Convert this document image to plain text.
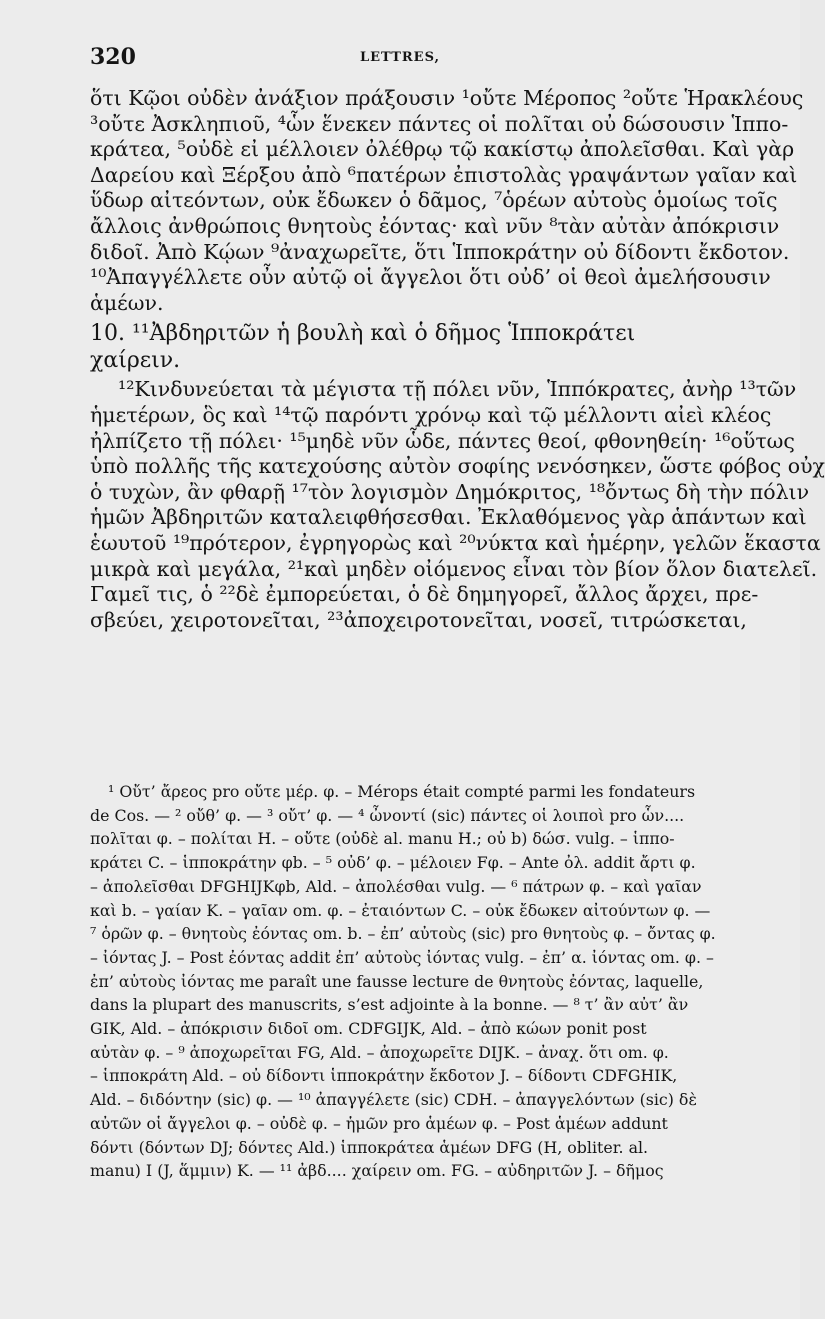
320	LETTRES,
ὅτι Κῷοι οὐδὲν ἀνάξιον πράξουσιν ¹οὔτε Μέροπος ²οὔτε Ἡρακλέους
³οὔτε Ἀσκληπιοῦ, ⁴ὧν ἕνεκεν πάντες οἱ πολῖται οὐ δώσουσιν Ἱππο-
κράτεα, ⁵οὐδὲ εἰ μέλλοιεν ὀλέθρῳ τῷ κακίστῳ ἀπολεῖσθαι. Καὶ γὰρ
Δαρείου καὶ Ξέρξου ἀπὸ ⁶πατέρων ἐπιστολὰς γραψάντων γαῖαν καὶ
ὕδωρ αἰτεόντων, οὐκ ἔδωκεν ὁ δᾶμος, ⁷ὁρέων αὐτοὺς ὁμοίως τοῖς
ἄλλοις ἀνθρώποις θνητοὺς ἐόντας· καὶ νῦν ⁸τὰν αὐτὰν ἀπόκρισιν
διδοῖ. Ἀπὸ Κῴων ⁹ἀναχωρεῖτε, ὅτι Ἱπποκράτην οὐ δίδοντι ἔκδοτον.
¹⁰Ἀπαγγέλλετε οὖν αὐτῷ οἱ ἄγγελοι ὅτι οὐδ’ οἱ θεοὶ ἀμελήσουσιν
ἁμέων.
10. ¹¹Ἀβδηριτῶν ἡ βουλὴ καὶ ὁ δῆμος Ἱπποκράτει
χαίρειν.
¹²Κινδυνεύεται τὰ μέγιστα τῇ πόλει νῦν, Ἱππόκρατες, ἀνὴρ ¹³τῶν
ἡμετέρων, ὃς καὶ ¹⁴τῷ παρόντι χρόνῳ καὶ τῷ μέλλοντι αἰεὶ κλέος
ἠλπίζετο τῇ πόλει· ¹⁵μηδὲ νῦν ὧδε, πάντες θεοί, φθονηθείη· ¹⁶οὕτως
ὑπὸ πολλῆς τῆς κατεχούσης αὐτὸν σοφίης νενόσηκεν, ὥστε φόβος οὐχ
ὁ τυχὼν, ἂν φθαρῇ ¹⁷τὸν λογισμὸν Δημόκριτος, ¹⁸ὄντως δὴ τὴν πόλιν
ἡμῶν Ἀβδηριτῶν καταλειφθήσεσθαι. Ἐκλαθόμενος γὰρ ἁπάντων καὶ
ἑωυτοῦ ¹⁹πρότερον, ἐγρηγορὼς καὶ ²⁰νύκτα καὶ ἡμέρην, γελῶν ἕκαστα
μικρὰ καὶ μεγάλα, ²¹καὶ μηδὲν οἰόμενος εἶναι τὸν βίον ὅλον διατελεῖ.
Γαμεῖ τις, ὁ ²²δὲ ἐμπορεύεται, ὁ δὲ δημηγορεῖ, ἄλλος ἄρχει, πρε-
σβεύει, χειροτονεῖται, ²³ἀποχειροτονεῖται, νοσεῖ, τιτρώσκεται,
¹ Οὔτ’ ἄρεος pro οὔτε μέρ. φ. – Mérops était compté parmi les fondateurs
de Cos. — ² οὔθ’ φ. — ³ οὔτ’ φ. — ⁴ ὦνοντί (sic) πάντες οἱ λοιποὶ pro ὧν....
πολῖται φ. – πολίται H. – οὔτε (οὐδὲ al. manu H.; οὐ b) δώσ. vulg. – ἱππο-
κράτει C. – ἱπποκράτην φb. – ⁵ οὐδ’ φ. – μέλοιεν Fφ. – Ante ὀλ. addit ἄρτι φ.
– ἀπολεῖσθαι DFGHIJKφb, Ald. – ἀπολέσθαι vulg. — ⁶ πάτρων φ. – καὶ γαῖαν
καὶ b. – γαίαν K. – γαῖαν om. φ. – ἐταιόντων C. – οὐκ ἔδωκεν αἰτούντων φ. —
⁷ ὁρῶν φ. – θνητοὺς ἐόντας om. b. – ἐπ’ αὐτοὺς (sic) pro θνητοὺς φ. – ὄντας φ.
– ἰόντας J. – Post ἐόντας addit ἐπ’ αὐτοὺς ἰόντας vulg. – ἐπ’ α. ἰόντας om. φ. –
ἐπ’ αὐτοὺς ἰόντας me paraît une fausse lecture de θνητοὺς ἐόντας, laquelle,
dans la plupart des manuscrits, s’est adjointe à la bonne. — ⁸ τ’ ἂν αὐτ’ ἂν
GIK, Ald. – ἀπόκρισιν διδοῖ om. CDFGIJK, Ald. – ἀπὸ κώων ponit post
αὐτὰν φ. – ⁹ ἀποχωρεῖται FG, Ald. – ἀποχωρεῖτε DIJK. – ἀναχ. ὅτι om. φ.
– ἱπποκράτη Ald. – οὐ δίδοντι ἱπποκράτην ἔκδοτον J. – δίδοντι CDFGHIK,
Ald. – διδόντην (sic) φ. — ¹⁰ ἀπαγγέλετε (sic) CDH. – ἀπαγγελόντων (sic) δὲ
αὐτῶν οἱ ἄγγελοι φ. – οὐδὲ φ. – ἡμῶν pro ἁμέων φ. – Post ἁμέων addunt
δόντι (δόντων DJ; δόντες Ald.) ἱπποκράτεα ἁμέων DFG (H, obliter. al.
manu) I (J, ἅμμιν) K. — ¹¹ ἀβδ.... χαίρειν om. FG. – αὐδηριτῶν J. – δῆμος
